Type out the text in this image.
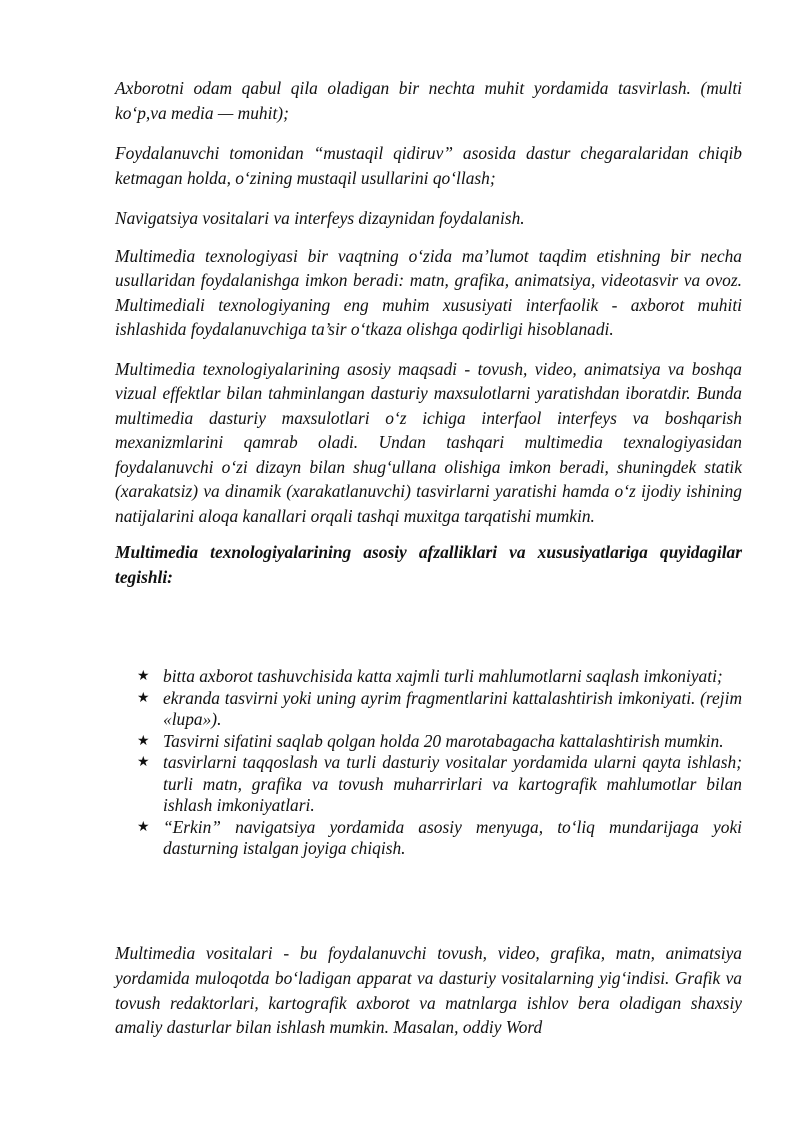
Axborotni odam qabul qila oladigan bir nechta muhit yordamida tasvirlash. (multi ko‘p,va media — muhit);

Foydalanuvchi tomonidan “mustaqil qidiruv” asosida dastur chegaralaridan chiqib ketmagan holda, o‘zining mustaqil usullarini qo‘llash;

Navigatsiya vositalari va interfeys dizaynidan foydalanish.

Multimedia texnologiyasi bir vaqtning o‘zida ma’lumot taqdim etishning bir necha usullaridan foydalanishga imkon beradi: matn, grafika, animatsiya, videotasvir va ovoz. Multimediali texnologiyaning eng muhim xususiyati interfaolik - axborot muhiti ishlashida foydalanuvchiga ta’sir o‘tkaza olishga qodirligi hisoblanadi.

Multimedia texnologiyalarining asosiy maqsadi - tovush, video, animatsiya va boshqa vizual effektlar bilan tahminlangan dasturiy maxsulotlarni yaratishdan iboratdir. Bunda multimedia dasturiy maxsulotlari o‘z ichiga interfaol interfeys va boshqarish mexanizmlarini qamrab oladi. Undan tashqari multimedia texnalogiyasidan foydalanuvchi o‘zi dizayn bilan shug‘ullana olishiga imkon beradi, shuningdek statik (xarakatsiz) va dinamik (xarakatlanuvchi) tasvirlarni yaratishi hamda o‘z ijodiy ishining natijalarini aloqa kanallari orqali tashqi muxitga tarqatishi mumkin.

Multimedia texnologiyalarining asosiy afzalliklari va xususiyatlariga quyidagilar tegishli:

★ bitta axborot tashuvchisida katta xajmli turli mahlumotlarni saqlash imkoniyati;
★ ekranda tasvirni yoki uning ayrim fragmentlarini kattalashtirish imkoniyati. (rejim «lupa»).
★ Tasvirni sifatini saqlab qolgan holda 20 marotabagacha kattalashtirish mumkin.
★ tasvirlarni taqqoslash va turli dasturiy vositalar yordamida ularni qayta ishlash; turli matn, grafika va tovush muharrirlari va kartografik mahlumotlar bilan ishlash imkoniyatlari.
★ “Erkin” navigatsiya yordamida asosiy menyuga, to‘liq mundarijaga yoki dasturning istalgan joyiga chiqish.

Multimedia vositalari - bu foydalanuvchi tovush, video, grafika, matn, animatsiya yordamida muloqotda bo‘ladigan apparat va dasturiy vositalarning yig‘indisi. Grafik va tovush redaktorlari, kartografik axborot va matnlarga ishlov bera oladigan shaxsiy amaliy dasturlar bilan ishlash mumkin. Masalan, oddiy Word
